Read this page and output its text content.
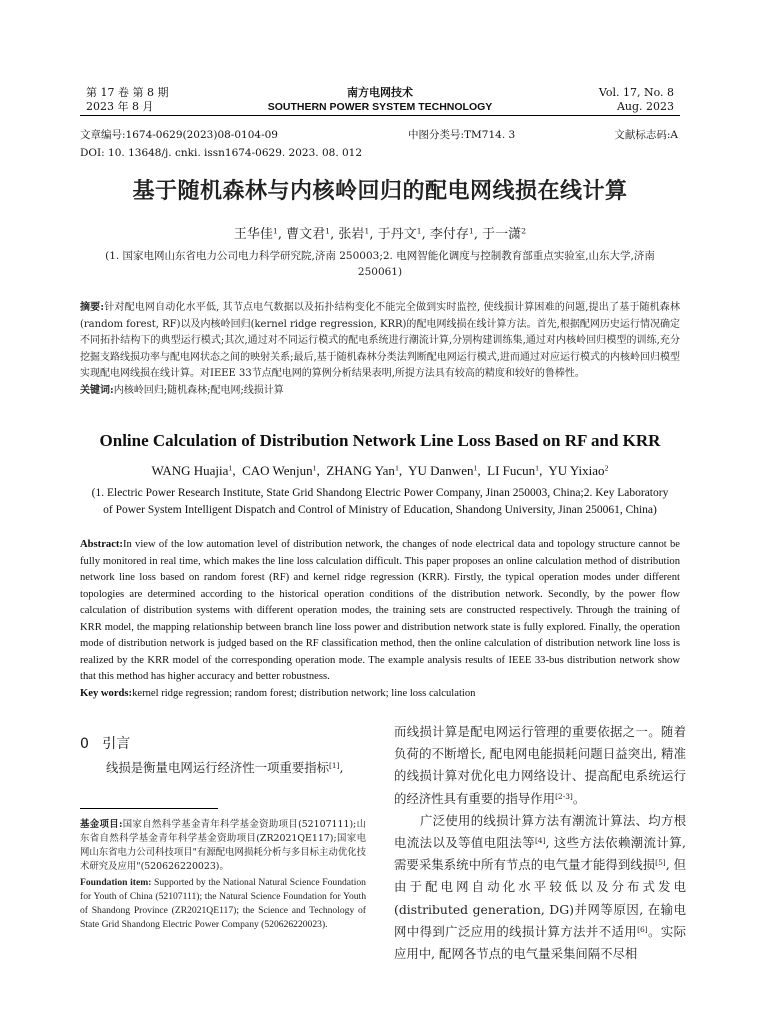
第 17 卷 第 8 期
2023 年 8 月
南方电网技术
SOUTHERN POWER SYSTEM TECHNOLOGY
Vol. 17, No. 8
Aug. 2023
文章编号:1674-0629(2023)08-0104-09	中图分类号:TM714. 3	文献标志码:A
DOI: 10. 13648/j. cnki. issn1674-0629. 2023. 08. 012
基于随机森林与内核岭回归的配电网线损在线计算
王华佳$^1$, 曹文君$^1$, 张岩$^1$, 于丹文$^1$, 李付存$^1$, 于一潇$^2$
(1. 国家电网山东省电力公司电力科学研究院,济南 250003;2. 电网智能化调度与控制教育部重点实验室,山东大学,济南 250061)
摘要:针对配电网自动化水平低, 其节点电气数据以及拓扑结构变化不能完全做到实时监控, 使线损计算困难的问题,提出了基于随机森林(random forest, RF)以及内核岭回归(kernel ridge regression, KRR)的配电网线损在线计算方法。首先,根据配网历史运行情况确定不同拓扑结构下的典型运行模式;其次,通过对不同运行模式的配电系统进行潮流计算,分别构建训练集,通过对内核岭回归模型的训练,充分挖掘支路线损功率与配电网状态之间的映射关系;最后,基于随机森林分类法判断配电网运行模式,进而通过对应运行模式的内核岭回归模型实现配电网线损在线计算。对IEEE 33节点配电网的算例分析结果表明,所提方法具有较高的精度和较好的鲁棒性。
关键词:内核岭回归;随机森林;配电网;线损计算
Online Calculation of Distribution Network Line Loss Based on RF and KRR
WANG Huajia$^1$,  CAO Wenjun$^1$,  ZHANG Yan$^1$,  YU Danwen$^1$,  LI Fucun$^1$,  YU Yixiao$^2$
(1. Electric Power Research Institute, State Grid Shandong Electric Power Company, Jinan 250003, China;2. Key Laboratory
of Power System Intelligent Dispatch and Control of Ministry of Education, Shandong University, Jinan 250061, China)
Abstract:In view of the low automation level of distribution network, the changes of node electrical data and topology structure cannot be fully monitored in real time, which makes the line loss calculation difficult. This paper proposes an online calculation method of distribution network line loss based on random forest (RF) and kernel ridge regression (KRR). Firstly, the typical operation modes under different topologies are determined according to the historical operation conditions of the distribution network. Secondly, by the power flow calculation of distribution systems with different operation modes, the training sets are constructed respectively. Through the training of KRR model, the mapping relationship between branch line loss power and distribution network state is fully explored. Finally, the operation mode of distribution network is judged based on the RF classification method, then the online calculation of distribution network line loss is realized by the KRR model of the corresponding operation mode. The example analysis results of IEEE 33-bus distribution network show that this method has higher accuracy and better robustness.
Key words:kernel ridge regression; random forest; distribution network; line loss calculation
0 引言
线损是衡量电网运行经济性一项重要指标[1],
基金项目:国家自然科学基金青年科学基金资助项目(52107111);山东省自然科学基金青年科学基金资助项目(ZR2021QE117);国家电网山东省电力公司科技项目"有源配电网损耗分析与多目标主动优化技术研究及应用"(520626220023)。
Foundation item: Supported by the National Natural Science Foundation for Youth of China (52107111); the Natural Science Foundation for Youth of Shandong Province (ZR2021QE117); the Science and Technology of State Grid Shandong Electric Power Company (520626220023).

而线损计算是配电网运行管理的重要依据之一。随着负荷的不断增长, 配电网电能损耗问题日益突出, 精准的线损计算对优化电力网络设计、提高配电系统运行的经济性具有重要的指导作用[2-3]。

广泛使用的线损计算方法有潮流计算法、均方根电流法以及等值电阻法等[4], 这些方法依赖潮流计算, 需要采集系统中所有节点的电气量才能得到线损[5], 但由于配电网自动化水平较低以及分布式发电(distributed generation, DG)并网等原因, 在输电网中得到广泛应用的线损计算方法并不适用[6]。实际应用中, 配网各节点的电气量采集间隔不尽相
